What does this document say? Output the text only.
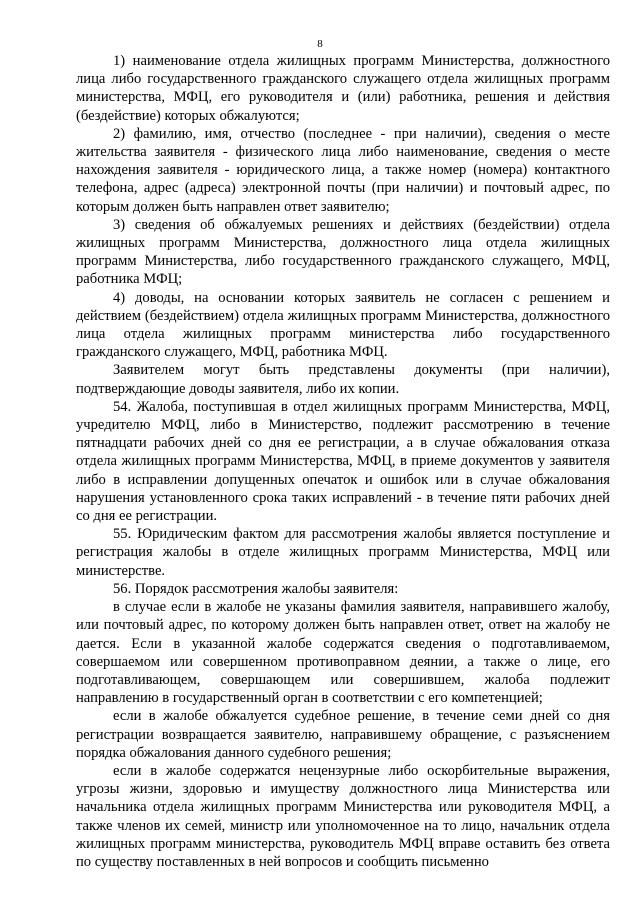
8

1) наименование отдела жилищных программ Министерства, должностного лица либо государственного гражданского служащего отдела жилищных программ министерства, МФЦ, его руководителя и (или) работника, решения и действия (бездействие) которых обжалуются;

2) фамилию, имя, отчество (последнее - при наличии), сведения о месте жительства заявителя - физического лица либо наименование, сведения о месте нахождения заявителя - юридического лица, а также номер (номера) контактного телефона, адрес (адреса) электронной почты (при наличии) и почтовый адрес, по которым должен быть направлен ответ заявителю;

3) сведения об обжалуемых решениях и действиях (бездействии) отдела жилищных программ Министерства, должностного лица отдела жилищных программ Министерства, либо государственного гражданского служащего, МФЦ, работника МФЦ;

4) доводы, на основании которых заявитель не согласен с решением и действием (бездействием) отдела жилищных программ Министерства, должностного лица отдела жилищных программ министерства либо государственного гражданского служащего, МФЦ, работника МФЦ.

Заявителем могут быть представлены документы (при наличии), подтверждающие доводы заявителя, либо их копии.

54. Жалоба, поступившая в отдел жилищных программ Министерства, МФЦ, учредителю МФЦ, либо в Министерство, подлежит рассмотрению в течение пятнадцати рабочих дней со дня ее регистрации, а в случае обжалования отказа отдела жилищных программ Министерства, МФЦ, в приеме документов у заявителя либо в исправлении допущенных опечаток и ошибок или в случае обжалования нарушения установленного срока таких исправлений - в течение пяти рабочих дней со дня ее регистрации.

55. Юридическим фактом для рассмотрения жалобы является поступление и регистрация жалобы в отделе жилищных программ Министерства, МФЦ или министерстве.

56. Порядок рассмотрения жалобы заявителя:

в случае если в жалобе не указаны фамилия заявителя, направившего жалобу, или почтовый адрес, по которому должен быть направлен ответ, ответ на жалобу не дается. Если в указанной жалобе содержатся сведения о подготавливаемом, совершаемом или совершенном противоправном деянии, а также о лице, его подготавливающем, совершающем или совершившем, жалоба подлежит направлению в государственный орган в соответствии с его компетенцией;

если в жалобе обжалуется судебное решение, в течение семи дней со дня регистрации возвращается заявителю, направившему обращение, с разъяснением порядка обжалования данного судебного решения;

если в жалобе содержатся нецензурные либо оскорбительные выражения, угрозы жизни, здоровью и имуществу должностного лица Министерства или начальника отдела жилищных программ Министерства или руководителя МФЦ, а также членов их семей, министр или уполномоченное на то лицо, начальник отдела жилищных программ министерства, руководитель МФЦ вправе оставить без ответа по существу поставленных в ней вопросов и сообщить письменно
